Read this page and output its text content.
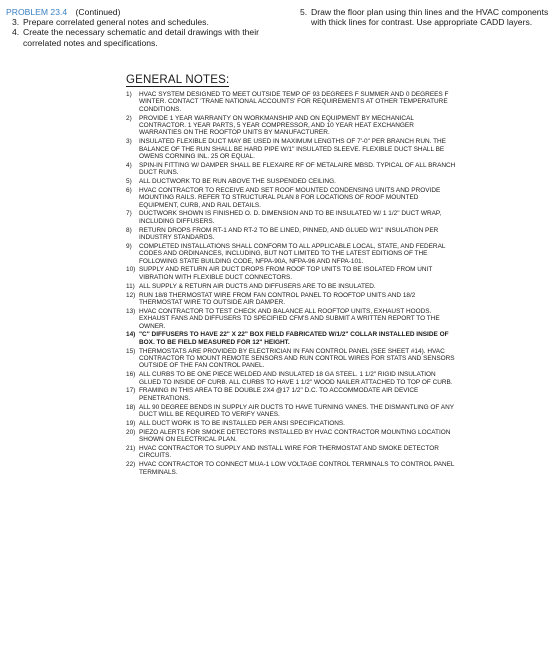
PROBLEM 23.4 (Continued)
3. Prepare correlated general notes and schedules.
4. Create the necessary schematic and detail drawings with their correlated notes and specifications.
5. Draw the floor plan using thin lines and the HVAC components with thick lines for contrast. Use appropriate CADD layers.
GENERAL NOTES:
1)	HVAC SYSTEM DESIGNED TO MEET OUTSIDE TEMP OF 93 DEGREES F SUMMER AND 0 DEGREES F WINTER. CONTACT 'TRANE NATIONAL ACCOUNTS' FOR REQUIREMENTS AT OTHER TEMPERATURE CONDITIONS.
2)	PROVIDE 1 YEAR WARRANTY ON WORKMANSHIP AND ON EQUIPMENT BY MECHANICAL CONTRACTOR. 1 YEAR PARTS, 5 YEAR COMPRESSOR, AND 10 YEAR HEAT EXCHANGER WARRANTIES ON THE ROOFTOP UNITS BY MANUFACTURER.
3)	INSULATED FLEXIBLE DUCT MAY BE USED IN MAXIMUM LENGTHS OF 7'-0" PER BRANCH RUN. THE BALANCE OF THE RUN SHALL BE HARD PIPE W/1" INSULATED SLEEVE. FLEXIBLE DUCT SHALL BE OWENS CORNING INL. 25 OR EQUAL.
4)	SPIN-IN FITTING W/ DAMPER SHALL BE FLEXAIRE RF OF METALAIRE MBSD. TYPICAL OF ALL BRANCH DUCT RUNS.
5)	ALL DUCTWORK TO BE RUN ABOVE THE SUSPENDED CEILING.
6)	HVAC CONTRACTOR TO RECEIVE AND SET ROOF MOUNTED CONDENSING UNITS AND PROVIDE MOUNTING RAILS. REFER TO STRUCTURAL PLAN 8 FOR LOCATIONS OF ROOF MOUNTED EQUIPMENT, CURB, AND RAIL DETAILS.
7)	DUCTWORK SHOWN IS FINISHED O. D. DIMENSION AND TO BE INSULATED W/ 1 1/2" DUCT WRAP, INCLUDING DIFFUSERS.
8)	RETURN DROPS FROM RT-1 AND RT-2 TO BE LINED, PINNED, AND GLUED W/1" INSULATION PER INDUSTRY STANDARDS.
9)	COMPLETED INSTALLATIONS SHALL CONFORM TO ALL APPLICABLE LOCAL, STATE, AND FEDERAL CODES AND ORDINANCES, INCLUDING, BUT NOT LIMITED TO THE LATEST EDITIONS OF THE FOLLOWING STATE BUILDING CODE, NFPA-90A, NFPA-96 AND NFPA-101.
10) SUPPLY AND RETURN AIR DUCT DROPS FROM ROOF TOP UNITS TO BE ISOLATED FROM UNIT VIBRATION WITH FLEXIBLE DUCT CONNECTORS.
11) ALL SUPPLY & RETURN AIR DUCTS AND DIFFUSERS ARE TO BE INSULATED.
12) RUN 18/8 THERMOSTAT WIRE FROM FAN CONTROL PANEL TO ROOFTOP UNITS AND 18/2 THERMOSTAT WIRE TO OUTSIDE AIR DAMPER.
13) HVAC CONTRACTOR TO TEST CHECK AND BALANCE ALL ROOFTOP UNITS, EXHAUST HOODS. EXHAUST FANS AND DIFFUSERS TO SPECIFIED CFM'S AND SUBMIT A WRITTEN REPORT TO THE OWNER.
14) "C" DIFFUSERS TO HAVE 22" X 22" BOX FIELD FABRICATED W/1/2" COLLAR INSTALLED INSIDE OF BOX. TO BE FIELD MEASURED FOR 12" HEIGHT.
15) THERMOSTATS ARE PROVIDED BY ELECTRICIAN IN FAN CONTROL PANEL (SEE SHEET #14). HVAC CONTRACTOR TO MOUNT REMOTE SENSORS AND RUN CONTROL WIRES FOR STATS AND SENSORS OUTSIDE OF THE FAN CONTROL PANEL.
16) ALL CURBS TO BE ONE PIECE WELDED AND INSULATED 18 GA STEEL. 1 1/2" RIGID INSULATION GLUED TO INSIDE OF CURB. ALL CURBS TO HAVE 1 1/2" WOOD NAILER ATTACHED TO TOP OF CURB.
17) FRAMING IN THIS AREA TO BE DOUBLE 2X4 @17 1/2" D.C. TO ACCOMMODATE AIR DEVICE PENETRATIONS.
18) ALL 90 DEGREE BENDS IN SUPPLY AIR DUCTS TO HAVE TURNING VANES. THE DISMANTLING OF ANY DUCT WILL BE REQUIRED TO VERIFY VANES.
19) ALL DUCT WORK IS TO BE INSTALLED PER ANSI SPECIFICATIONS.
20) PIEZO ALERTS FOR SMOKE DETECTORS INSTALLED BY HVAC CONTRACTOR MOUNTING LOCATION SHOWN ON ELECTRICAL PLAN.
21) HVAC CONTRACTOR TO SUPPLY AND INSTALL WIRE FOR THERMOSTAT AND SMOKE DETECTOR CIRCUITS.
22) HVAC CONTRACTOR TO CONNECT MUA-1 LOW VOLTAGE CONTROL TERMINALS TO CONTROL PANEL TERMINALS.
